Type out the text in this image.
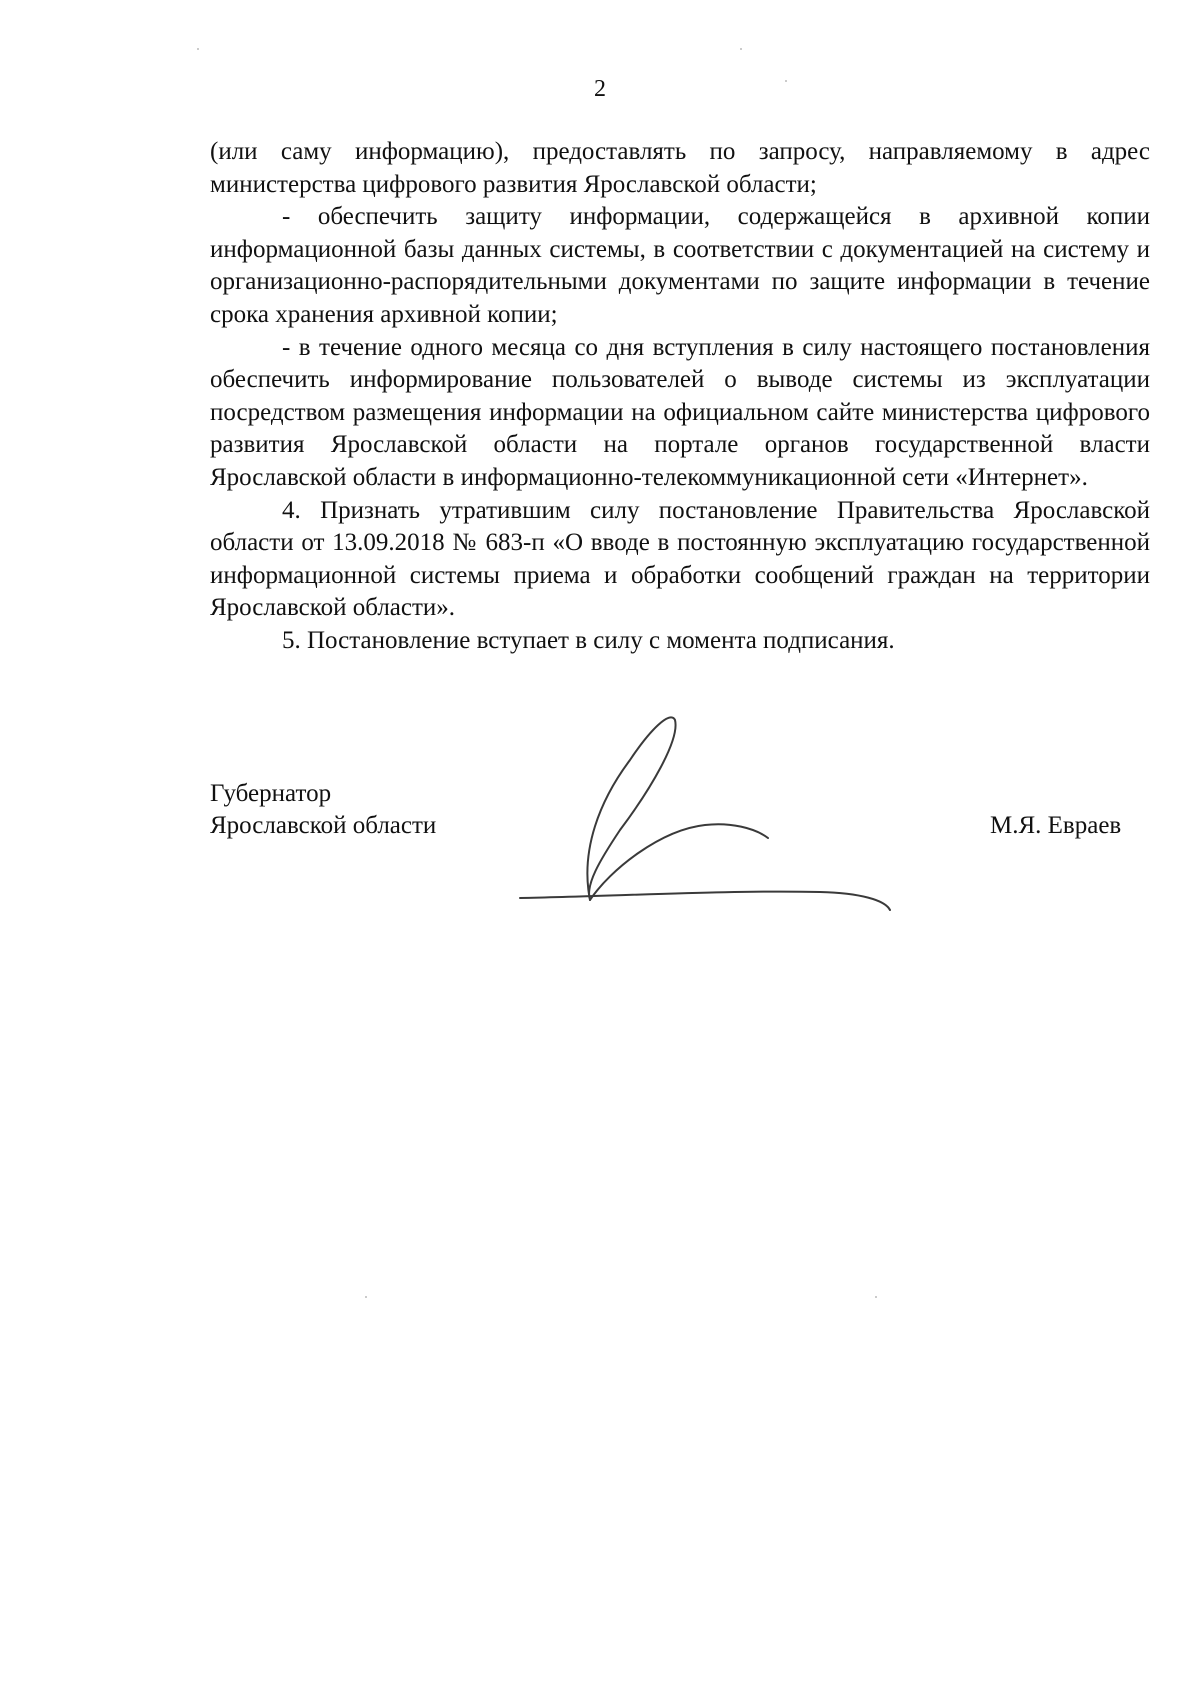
2

(или саму информацию), предоставлять по запросу, направляемому в адрес министерства цифрового развития Ярославской области;

- обеспечить защиту информации, содержащейся в архивной копии информационной базы данных системы, в соответствии с документацией на систему и организационно-распорядительными документами по защите информации в течение срока хранения архивной копии;

- в течение одного месяца со дня вступления в силу настоящего постановления обеспечить информирование пользователей о выводе системы из эксплуатации посредством размещения информации на официальном сайте министерства цифрового развития Ярославской области на портале органов государственной власти Ярославской области в информационно-телекоммуникационной сети «Интернет».

4. Признать утратившим силу постановление Правительства Ярославской области от 13.09.2018 № 683-п «О вводе в постоянную эксплуатацию государственной информационной системы приема и обработки сообщений граждан на территории Ярославской области».

5. Постановление вступает в силу с момента подписания.

Губернатор
Ярославской области	М.Я. Евраев
